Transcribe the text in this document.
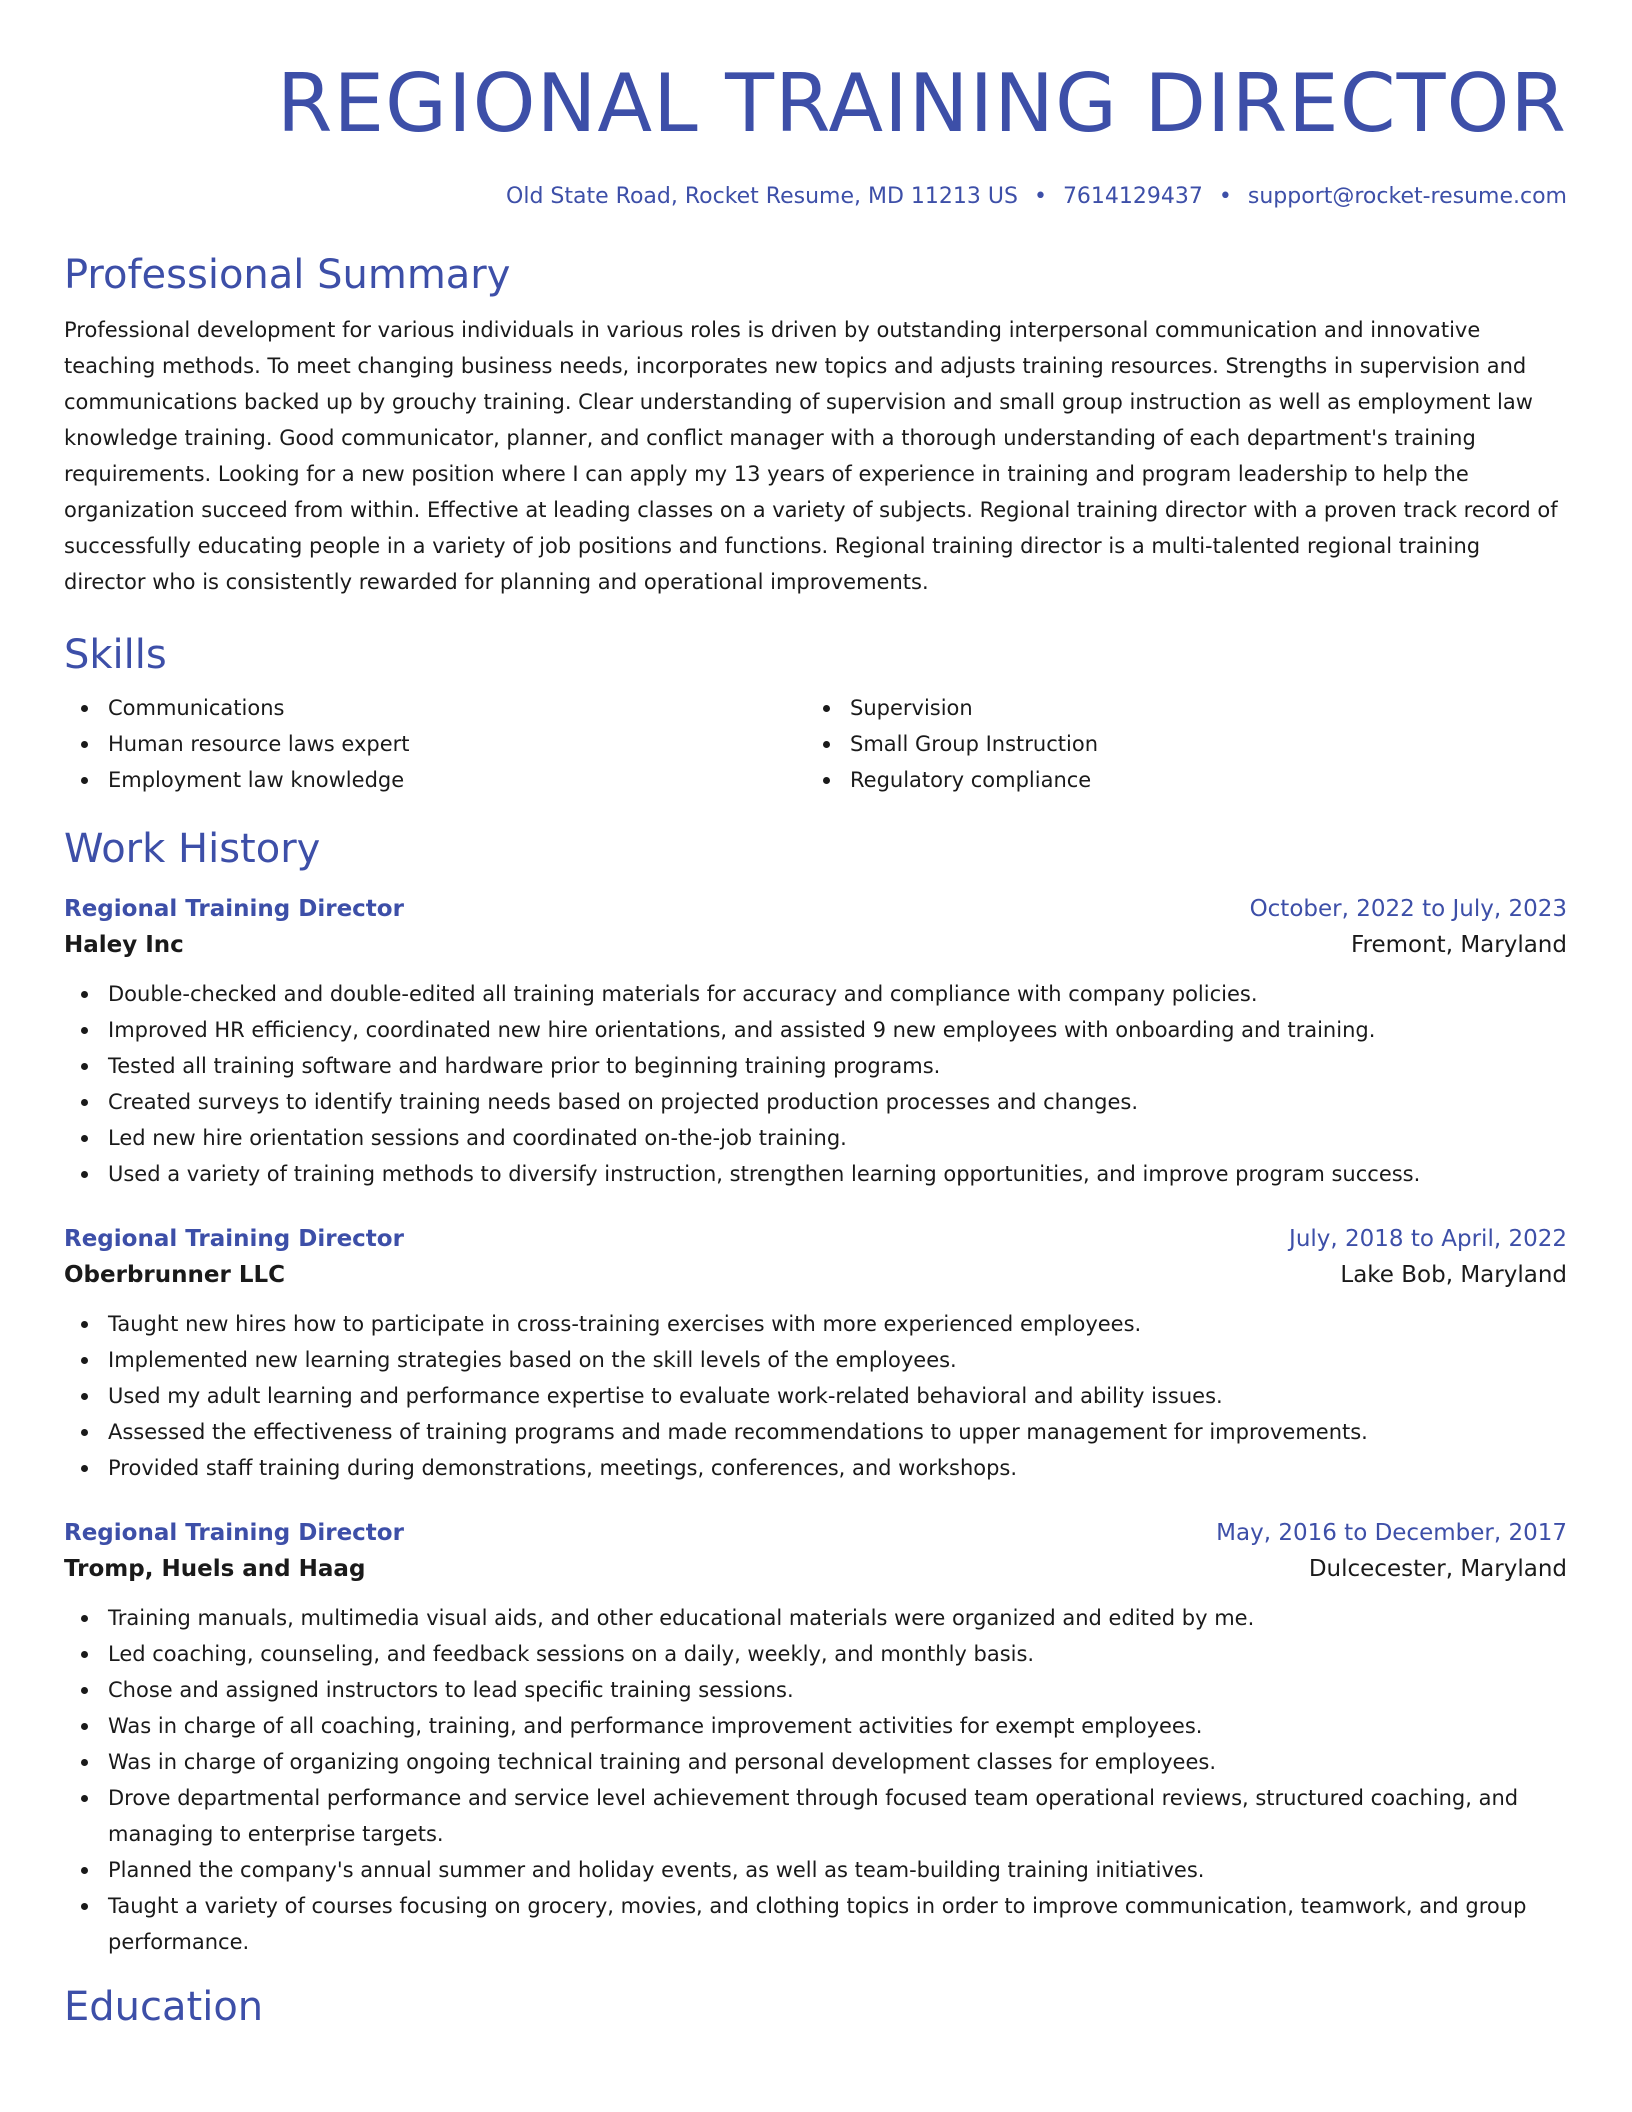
REGIONAL TRAINING DIRECTOR
Old State Road, Rocket Resume, MD 11213 US • 7614129437 • support@rocket-resume.com
Professional Summary
Professional development for various individuals in various roles is driven by outstanding interpersonal communication and innovative teaching methods. To meet changing business needs, incorporates new topics and adjusts training resources. Strengths in supervision and communications backed up by grouchy training. Clear understanding of supervision and small group instruction as well as employment law knowledge training. Good communicator, planner, and conflict manager with a thorough understanding of each department's training requirements. Looking for a new position where I can apply my 13 years of experience in training and program leadership to help the organization succeed from within. Effective at leading classes on a variety of subjects. Regional training director with a proven track record of successfully educating people in a variety of job positions and functions. Regional training director is a multi-talented regional training director who is consistently rewarded for planning and operational improvements.
Skills
Communications
Human resource laws expert
Employment law knowledge
Supervision
Small Group Instruction
Regulatory compliance
Work History
Regional Training Director	October, 2022 to July, 2023
Haley Inc	Fremont, Maryland
Double-checked and double-edited all training materials for accuracy and compliance with company policies.
Improved HR efficiency, coordinated new hire orientations, and assisted 9 new employees with onboarding and training.
Tested all training software and hardware prior to beginning training programs.
Created surveys to identify training needs based on projected production processes and changes.
Led new hire orientation sessions and coordinated on-the-job training.
Used a variety of training methods to diversify instruction, strengthen learning opportunities, and improve program success.
Regional Training Director	July, 2018 to April, 2022
Oberbrunner LLC	Lake Bob, Maryland
Taught new hires how to participate in cross-training exercises with more experienced employees.
Implemented new learning strategies based on the skill levels of the employees.
Used my adult learning and performance expertise to evaluate work-related behavioral and ability issues.
Assessed the effectiveness of training programs and made recommendations to upper management for improvements.
Provided staff training during demonstrations, meetings, conferences, and workshops.
Regional Training Director	May, 2016 to December, 2017
Tromp, Huels and Haag	Dulcecester, Maryland
Training manuals, multimedia visual aids, and other educational materials were organized and edited by me.
Led coaching, counseling, and feedback sessions on a daily, weekly, and monthly basis.
Chose and assigned instructors to lead specific training sessions.
Was in charge of all coaching, training, and performance improvement activities for exempt employees.
Was in charge of organizing ongoing technical training and personal development classes for employees.
Drove departmental performance and service level achievement through focused team operational reviews, structured coaching, and managing to enterprise targets.
Planned the company's annual summer and holiday events, as well as team-building training initiatives.
Taught a variety of courses focusing on grocery, movies, and clothing topics in order to improve communication, teamwork, and group performance.
Education
